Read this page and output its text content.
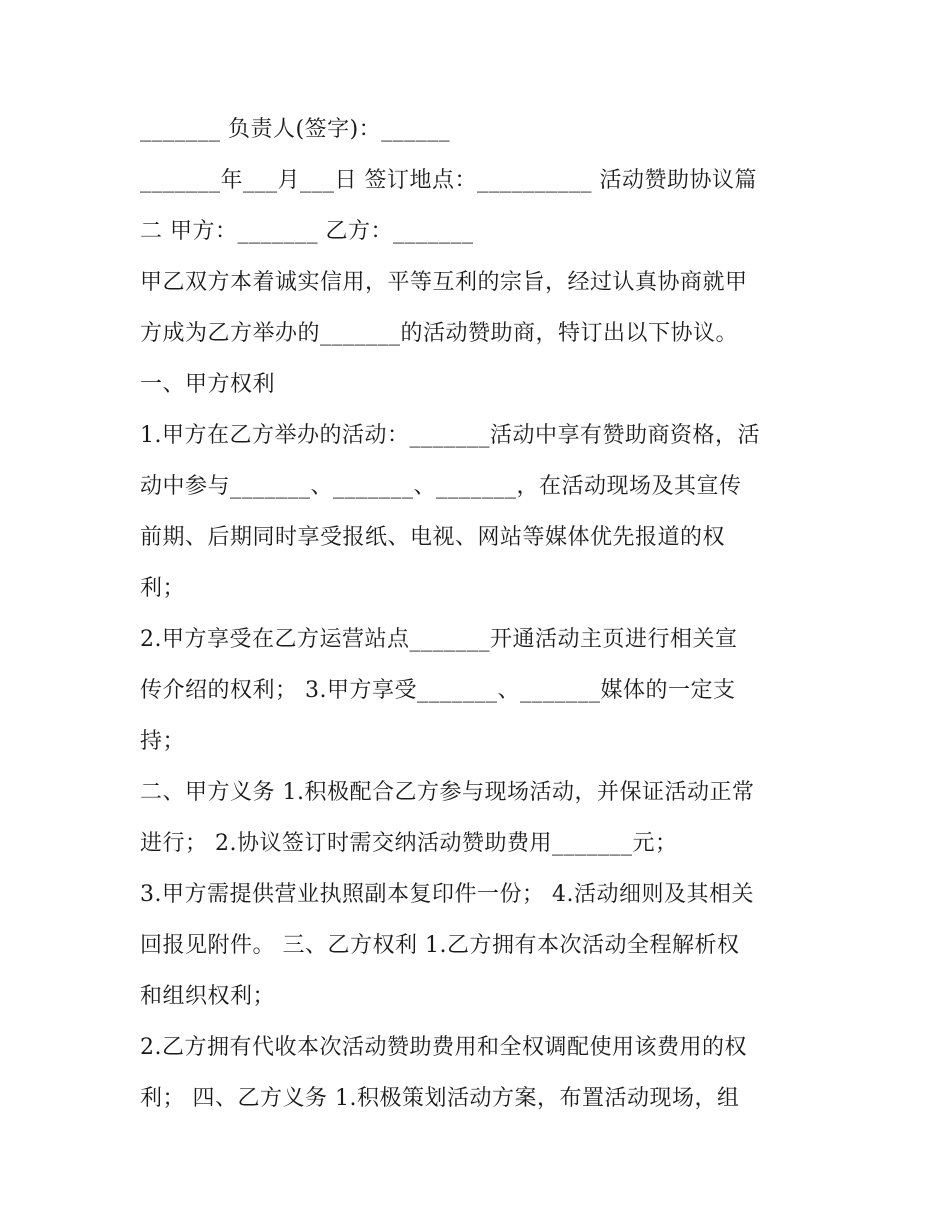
_______ 负责人(签字)：______
_______年___月___日 签订地点：__________ 活动赞助协议篇
二 甲方：_______ 乙方：_______
甲乙双方本着诚实信用，平等互利的宗旨，经过认真协商就甲
方成为乙方举办的_______的活动赞助商，特订出以下协议。
一、甲方权利
1.甲方在乙方举办的活动：_______活动中享有赞助商资格，活
动中参与_______、_______、_______，在活动现场及其宣传
前期、后期同时享受报纸、电视、网站等媒体优先报道的权
利；
2.甲方享受在乙方运营站点_______开通活动主页进行相关宣
传介绍的权利； 3.甲方享受_______、_______媒体的一定支
持；
二、甲方义务 1.积极配合乙方参与现场活动，并保证活动正常
进行； 2.协议签订时需交纳活动赞助费用_______元；
3.甲方需提供营业执照副本复印件一份； 4.活动细则及其相关
回报见附件。 三、乙方权利 1.乙方拥有本次活动全程解析权
和组织权利；
2.乙方拥有代收本次活动赞助费用和全权调配使用该费用的权
利； 四、乙方义务 1.积极策划活动方案，布置活动现场，组
